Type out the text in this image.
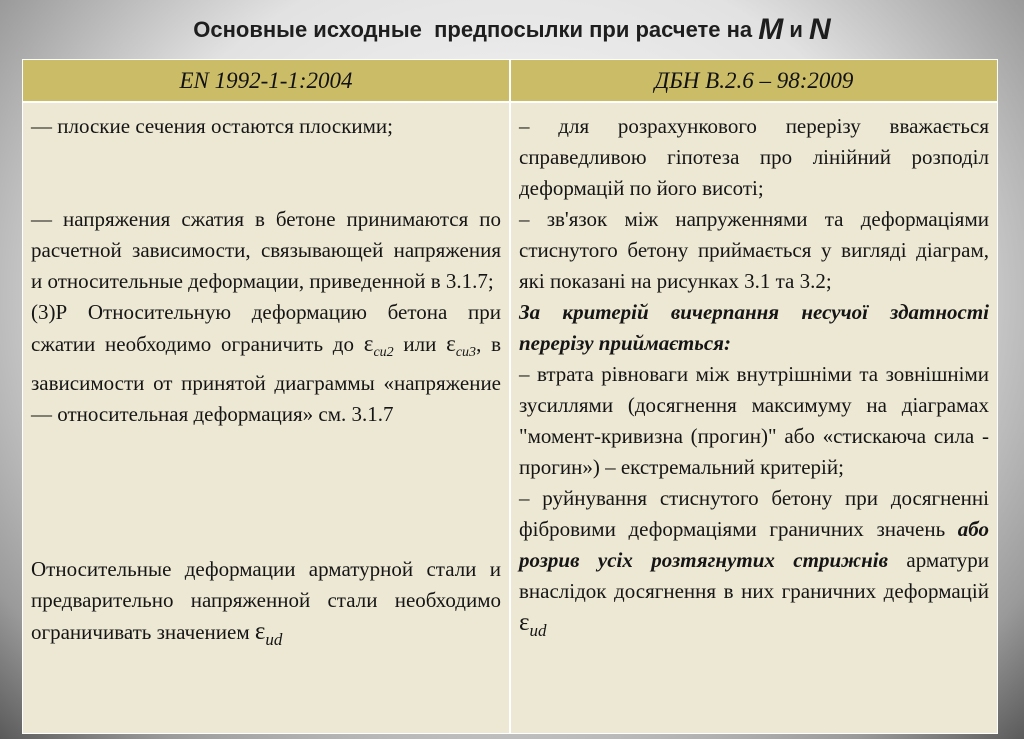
Основные исходные  предпосылки при расчете на M и N
EN 1992-1-1:2004	ДБН В.2.6 – 98:2009

— плоские сечения остаются плоскими;

— напряжения сжатия в бетоне принимаются по расчетной зависимости, связывающей напряжения и относительные деформации, приведенной в 3.1.7;

(3)Р Относительную деформацию бетона при сжатии необходимо ограничить до $\varepsilon_{cu2}$ или $\varepsilon_{cu3}$, в зависимости от принятой диаграммы «напряжение — относительная деформация» см. 3.1.7

Относительные деформации арматурной стали и предварительно напряженной стали необходимо ограничивать значением $\varepsilon_{ud}$

– для розрахункового перерізу вважається справедливою гіпотеза про лінійний розподіл деформацій по його висоті;

– зв'язок між напруженнями та деформаціями стиснутого бетону приймається у вигляді діаграм, які показані на рисунках 3.1 та 3.2;

За критерій вичерпання несучої здатності перерізу приймається:

– втрата рівноваги між внутрішніми та зовнішніми зусиллями (досягнення максимуму на діаграмах "момент-кривизна (прогин)" або «стискаюча сила - прогин») – екстремальний критерій;

– руйнування стиснутого бетону при досягненні фібровими деформаціями граничних значень або розрив усіх розтягнутих стрижнів арматури внаслідок досягнення в них граничних деформацій $\varepsilon_{ud}$
